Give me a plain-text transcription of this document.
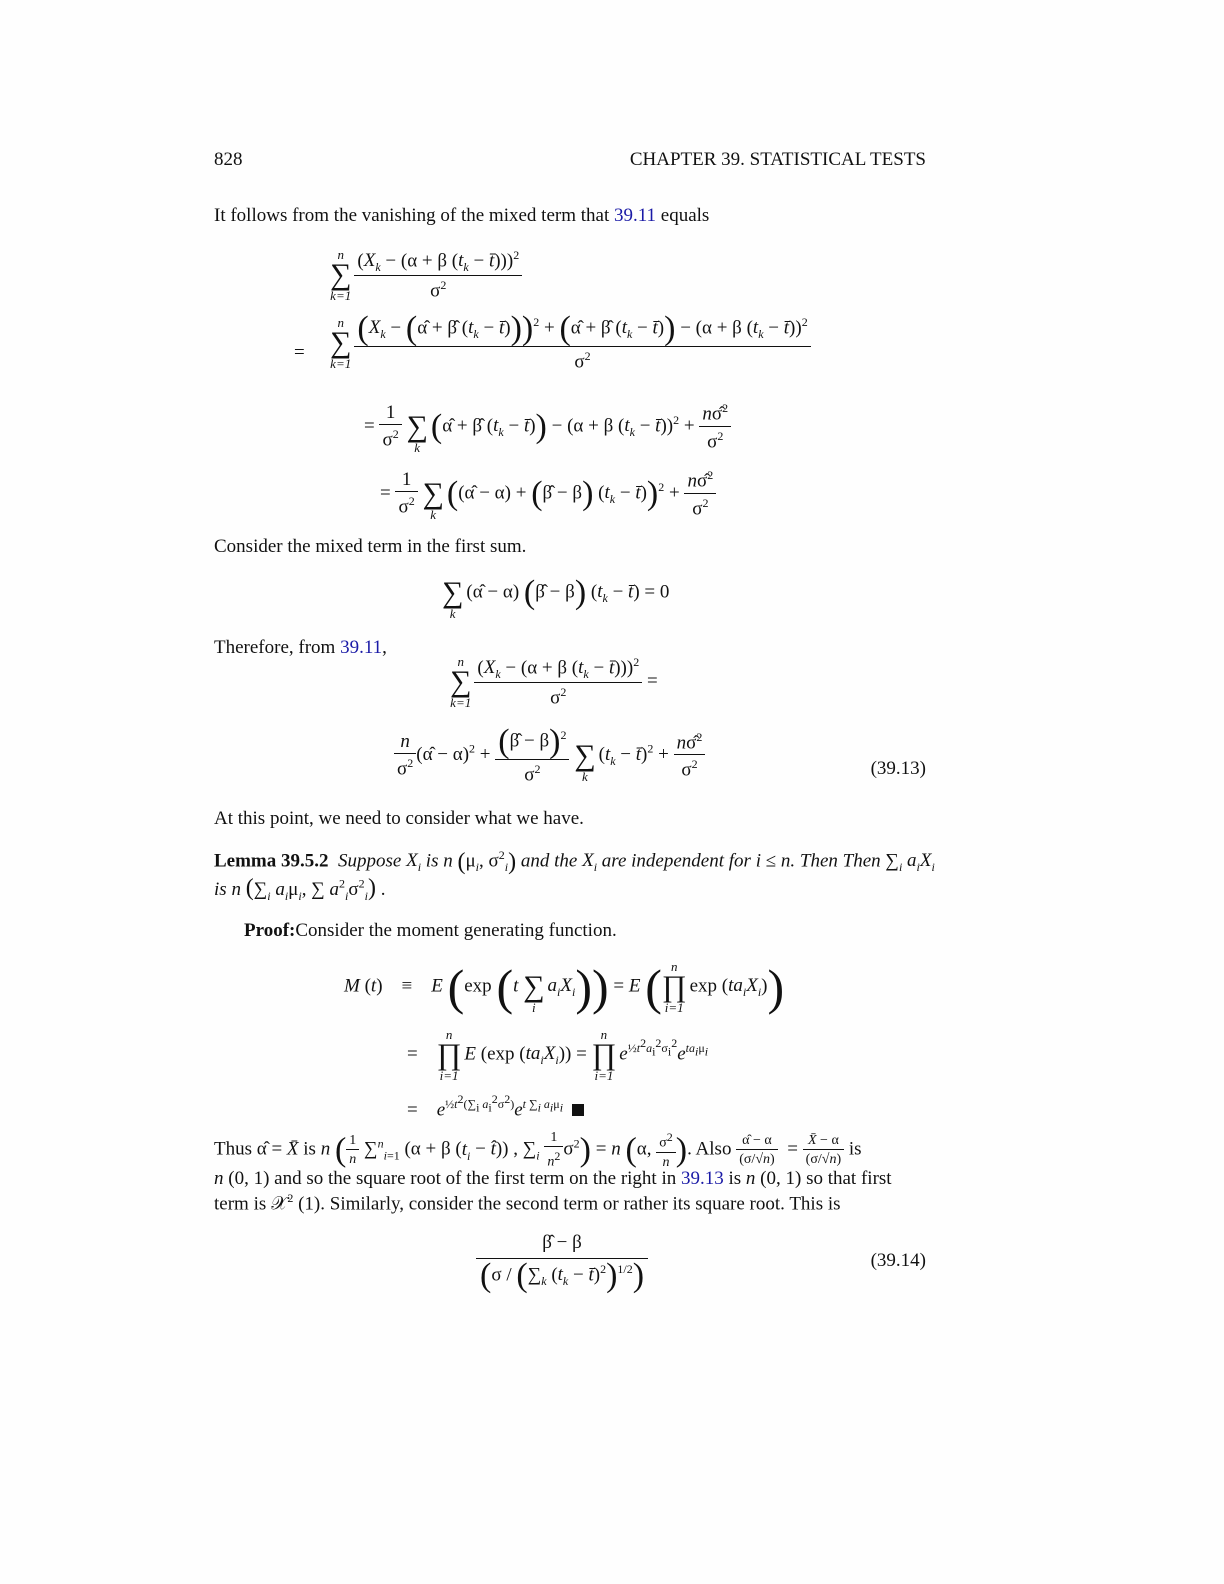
828	CHAPTER 39. STATISTICAL TESTS
It follows from the vanishing of the mixed term that 39.11 equals
n
∑
$k=1 \frac{(X_k - (\alpha + \beta (t_k - t̄)))^2}{\sigma^2}$
=
n
∑
k=1
($X_k$ − (α̂ + β̂ ($t_k$ − t̄)))$^2$ + (α̂ + β̂ ($t_k$ − t̄)) − (α + β ($t_k$ − t̄))$^2$
$\sigma^2$
= $\frac{1}{\sigma^2}$

∑
k
(α̂ + β̂ ($t_k$ − t̄)) − (α + β ($t_k$ − t̄))$^2$ + $\frac{n\sigmâ^2}{\sigma^2}$
= $\frac{1}{\sigma^2}$

∑
k
((α̂ − α) + (β̂ − β) ($t_k$ − t̄))$^2$ + $\frac{n\sigmâ^2}{\sigma^2}$
Consider the mixed term in the first sum.

∑
k
(α̂ − α) (β̂ − β) ($t_k$ − t̄) = 0
Therefore, from 39.11,
n
∑
$k=1 \frac{(X_k - (\alpha + \beta (t_k - t̄)))^2}{\sigma^2}$ =
$\frac{n}{\sigma^2}$ (α̂ − $\alpha)^2 + \frac{(\betâ - \beta)^2}{\sigma^2}$

∑
k
($t_k$ − t̄)$^2$ + $\frac{n\sigmâ^2}{\sigma^2}$	(39.13)
At this point, we need to consider what we have.
Lemma 39.5.2 Suppose $X_i$ is n ($\mu_i$, $\sigma^2_i$) and the $X_i$ are independent for i ≤ n. Then Then $\sum_i$ $a_iX_i$
is n ($\sum_i$ $a_i\mu_i$, ∑ $a^2_i\sigma^2_i$) .
Proof:Consider the moment generating function.
M (t)    ≡    E (exp (t
∑
i
$a_iX_i)) = E$ ( n
∏
i=1
$\exp (ta_iX_i)$)
=
n
∏
i=1
E (exp $(ta_iX_i)$) =
n
∏
i=1
$e^{\frac{1}{2}t^2a_i^2\sigma_i^2}e^{ta_i\mu_i}$
=    $e^{\frac{1}{2}t^2(\sum_i a_i^2\sigma^2)}e^{t \sum_i a_i\mu_i}$
Thus α̂ = X̄ is n ( $\frac{1}{n} \sum^n_{i=1}$ (α + β ($t_i$ − t̂)) , $\sum_i \frac{1}{n^2} \sigma^2) = n$ (α, $\frac{\sigma^2}{n}$ ). Also $\frac{\alphâ - \alpha}{(\sigma/√n)} = \frac{X̄ - \alpha}{(\sigma/√n)}$ is
n (0, 1) and so the square root of the first term on the right in 39.13 is n (0, 1) so that first
term is 𝒳$^2$ (1). Similarly, consider the second term or rather its square root. This is
$\frac{\betâ - \beta}{(\sigma / (\sum_k (t_k - t̄)^2)^{1/2})}$	(39.14)
